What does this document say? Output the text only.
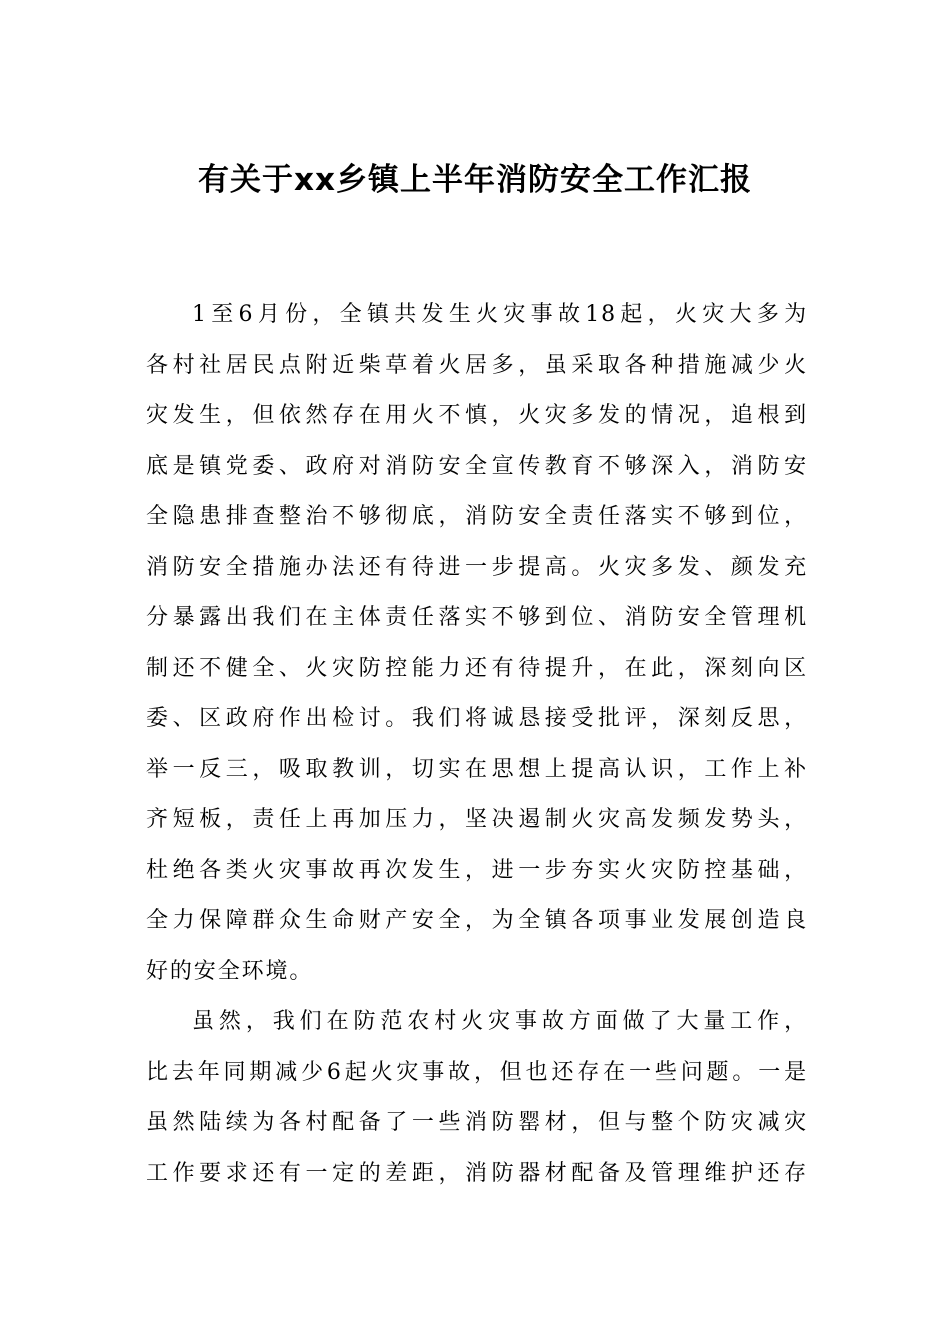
有关于xx乡镇上半年消防安全工作汇报
1至6月份，全镇共发生火灾事故18起，火灾大多为
各村社居民点附近柴草着火居多，虽采取各种措施减少火
灾发生，但依然存在用火不慎，火灾多发的情况，追根到
底是镇党委、政府对消防安全宣传教育不够深入，消防安
全隐患排查整治不够彻底，消防安全责任落实不够到位，
消防安全措施办法还有待进一步提高。火灾多发、颜发充
分暴露出我们在主体责任落实不够到位、消防安全管理机
制还不健全、火灾防控能力还有待提升，在此，深刻向区
委、区政府作出检讨。我们将诚恳接受批评，深刻反思，
举一反三，吸取教训，切实在思想上提高认识，工作上补
齐短板，责任上再加压力，坚决遏制火灾高发频发势头，
杜绝各类火灾事故再次发生，进一步夯实火灾防控基础，
全力保障群众生命财产安全，为全镇各项事业发展创造良
好的安全环境。
虽然，我们在防范农村火灾事故方面做了大量工作，
比去年同期减少6起火灾事故，但也还存在一些问题。一是
虽然陆续为各村配备了一些消防罂材，但与整个防灾减灾
工作要求还有一定的差距，消防器材配备及管理维护还存
